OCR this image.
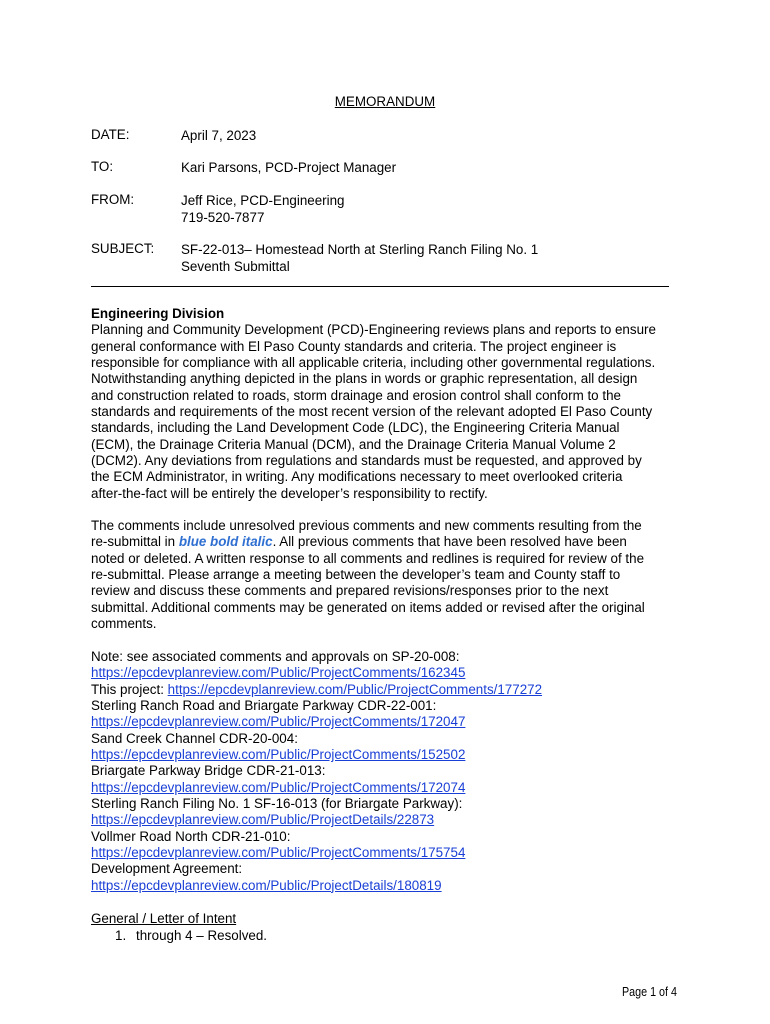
MEMORANDUM
DATE:	April 7, 2023
TO:	Kari Parsons, PCD-Project Manager
FROM:	Jeff Rice, PCD-Engineering
719-520-7877
SUBJECT:	SF-22-013– Homestead North at Sterling Ranch Filing No. 1
Seventh Submittal
Engineering Division
Planning and Community Development (PCD)-Engineering reviews plans and reports to ensure
general conformance with El Paso County standards and criteria. The project engineer is
responsible for compliance with all applicable criteria, including other governmental regulations.
Notwithstanding anything depicted in the plans in words or graphic representation, all design
and construction related to roads, storm drainage and erosion control shall conform to the
standards and requirements of the most recent version of the relevant adopted El Paso County
standards, including the Land Development Code (LDC), the Engineering Criteria Manual
(ECM), the Drainage Criteria Manual (DCM), and the Drainage Criteria Manual Volume 2
(DCM2). Any deviations from regulations and standards must be requested, and approved by
the ECM Administrator, in writing. Any modifications necessary to meet overlooked criteria
after-the-fact will be entirely the developer’s responsibility to rectify.
The comments include unresolved previous comments and new comments resulting from the
re-submittal in blue bold italic. All previous comments that have been resolved have been
noted or deleted. A written response to all comments and redlines is required for review of the
re-submittal. Please arrange a meeting between the developer’s team and County staff to
review and discuss these comments and prepared revisions/responses prior to the next
submittal. Additional comments may be generated on items added or revised after the original
comments.
Note: see associated comments and approvals on SP-20-008:
https://epcdevplanreview.com/Public/ProjectComments/162345
This project: https://epcdevplanreview.com/Public/ProjectComments/177272
Sterling Ranch Road and Briargate Parkway CDR-22-001:
https://epcdevplanreview.com/Public/ProjectComments/172047
Sand Creek Channel CDR-20-004:
https://epcdevplanreview.com/Public/ProjectComments/152502
Briargate Parkway Bridge CDR-21-013:
https://epcdevplanreview.com/Public/ProjectComments/172074
Sterling Ranch Filing No. 1 SF-16-013 (for Briargate Parkway):
https://epcdevplanreview.com/Public/ProjectDetails/22873
Vollmer Road North CDR-21-010:
https://epcdevplanreview.com/Public/ProjectComments/175754
Development Agreement:
https://epcdevplanreview.com/Public/ProjectDetails/180819
General / Letter of Intent
1. through 4 – Resolved.
Page 1 of 4
